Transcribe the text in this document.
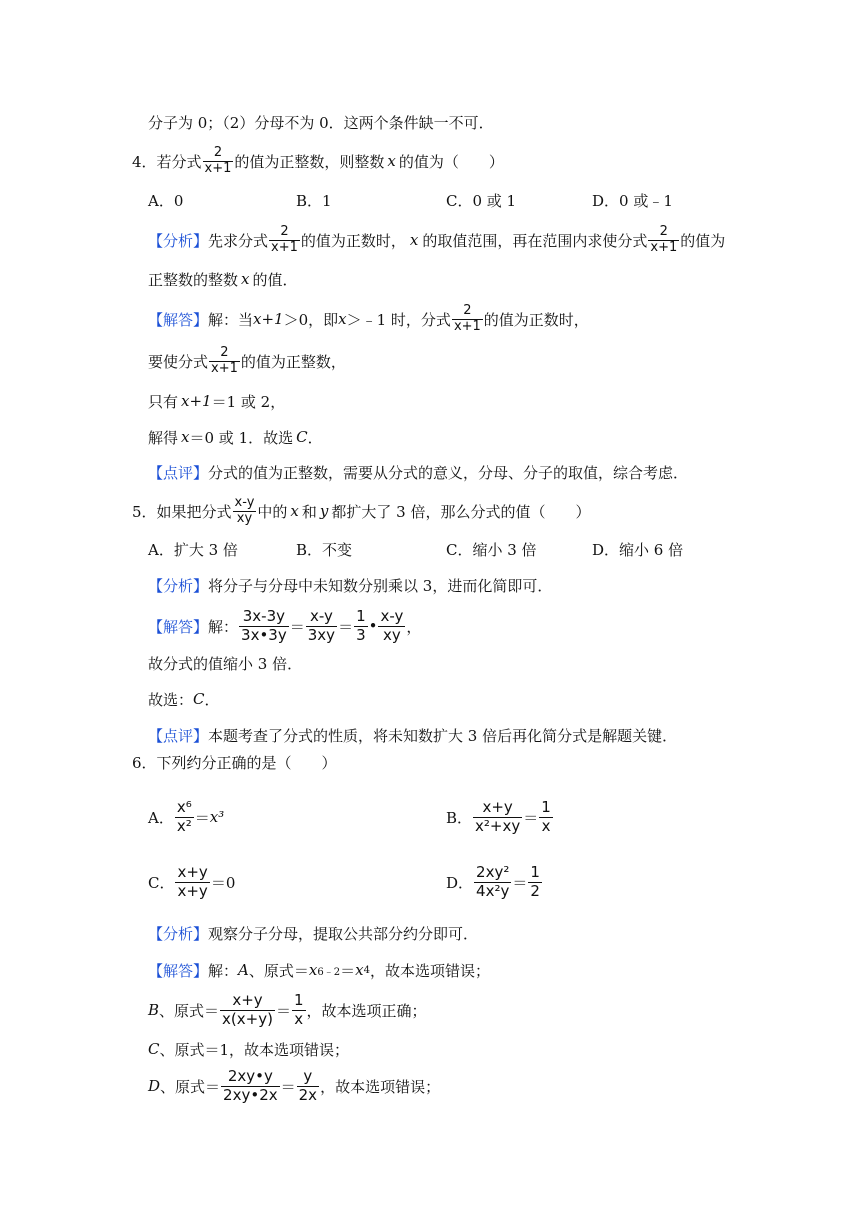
分子为 0；（2）分母不为 0．这两个条件缺一不可．
4．若分式 $\frac{2}{x+1}$ 的值为正整数，则整数 x 的值为（　　）
A．0	B．1	C．0 或 1	D．0 或﹣1
【分析】 先求分式 $\frac{2}{x+1}$ 的值为正数时， x 的取值范围，再在范围内求使分式 $\frac{2}{x+1}$ 的值为
正整数的整数 x 的值．
【解答】 解：当 x+1 ＞0，即 x ＞﹣1 时，分式 $\frac{2}{x+1}$ 的值为正数时，
要使分式 $\frac{2}{x+1}$ 的值为正整数，
只有 x+1 ＝1 或 2，
解得 x ＝0 或 1．故选 C ．
【点评】 分式的值为正整数，需要从分式的意义，分母、分子的取值，综合考虑．
5．如果把分式 $\frac{x-y}{xy}$ 中的 x 和 y 都扩大了 3 倍，那么分式的值（　　）
A．扩大 3 倍	B．不变	C．缩小 3 倍	D．缩小 6 倍
【分析】 将分子与分母中未知数分别乘以 3，进而化简即可．
【解答】 解： $\frac{3x-3y}{3x•3y} = \frac{x-y}{3xy} = \frac{1}{3}$ • $\frac{x-y}{xy}$ ，
故分式的值缩小 3 倍．
故选： C ．
【点评】 本题考查了分式的性质，将未知数扩大 3 倍后再化简分式是解题关键．
6．下列约分正确的是（　　）
A． $\frac{\text{x⁶}}{\text{x²}} = x^3$	B． $\frac{x+y}{\text{x²+xy}} = \frac{1}{x}$
C． $\frac{x+y}{x+y} =0$	D． $\frac{\text{2xy²}}{\text{4x²y}} = \frac{1}{2}$
【分析】 观察分子分母，提取公共部分约分即可．
【解答】 解： A 、原式＝ x 6﹣2 ＝ x 4 ，故本选项错误；
B 、原式＝ $\frac{x+y}{x(x+y)} = \frac{1}{x}$ ，故本选项正确；
C 、原式＝1，故本选项错误；
D 、原式＝ $\frac{2xy•y}{2xy•2x} = \frac{y}{2x}$ ，故本选项错误；
